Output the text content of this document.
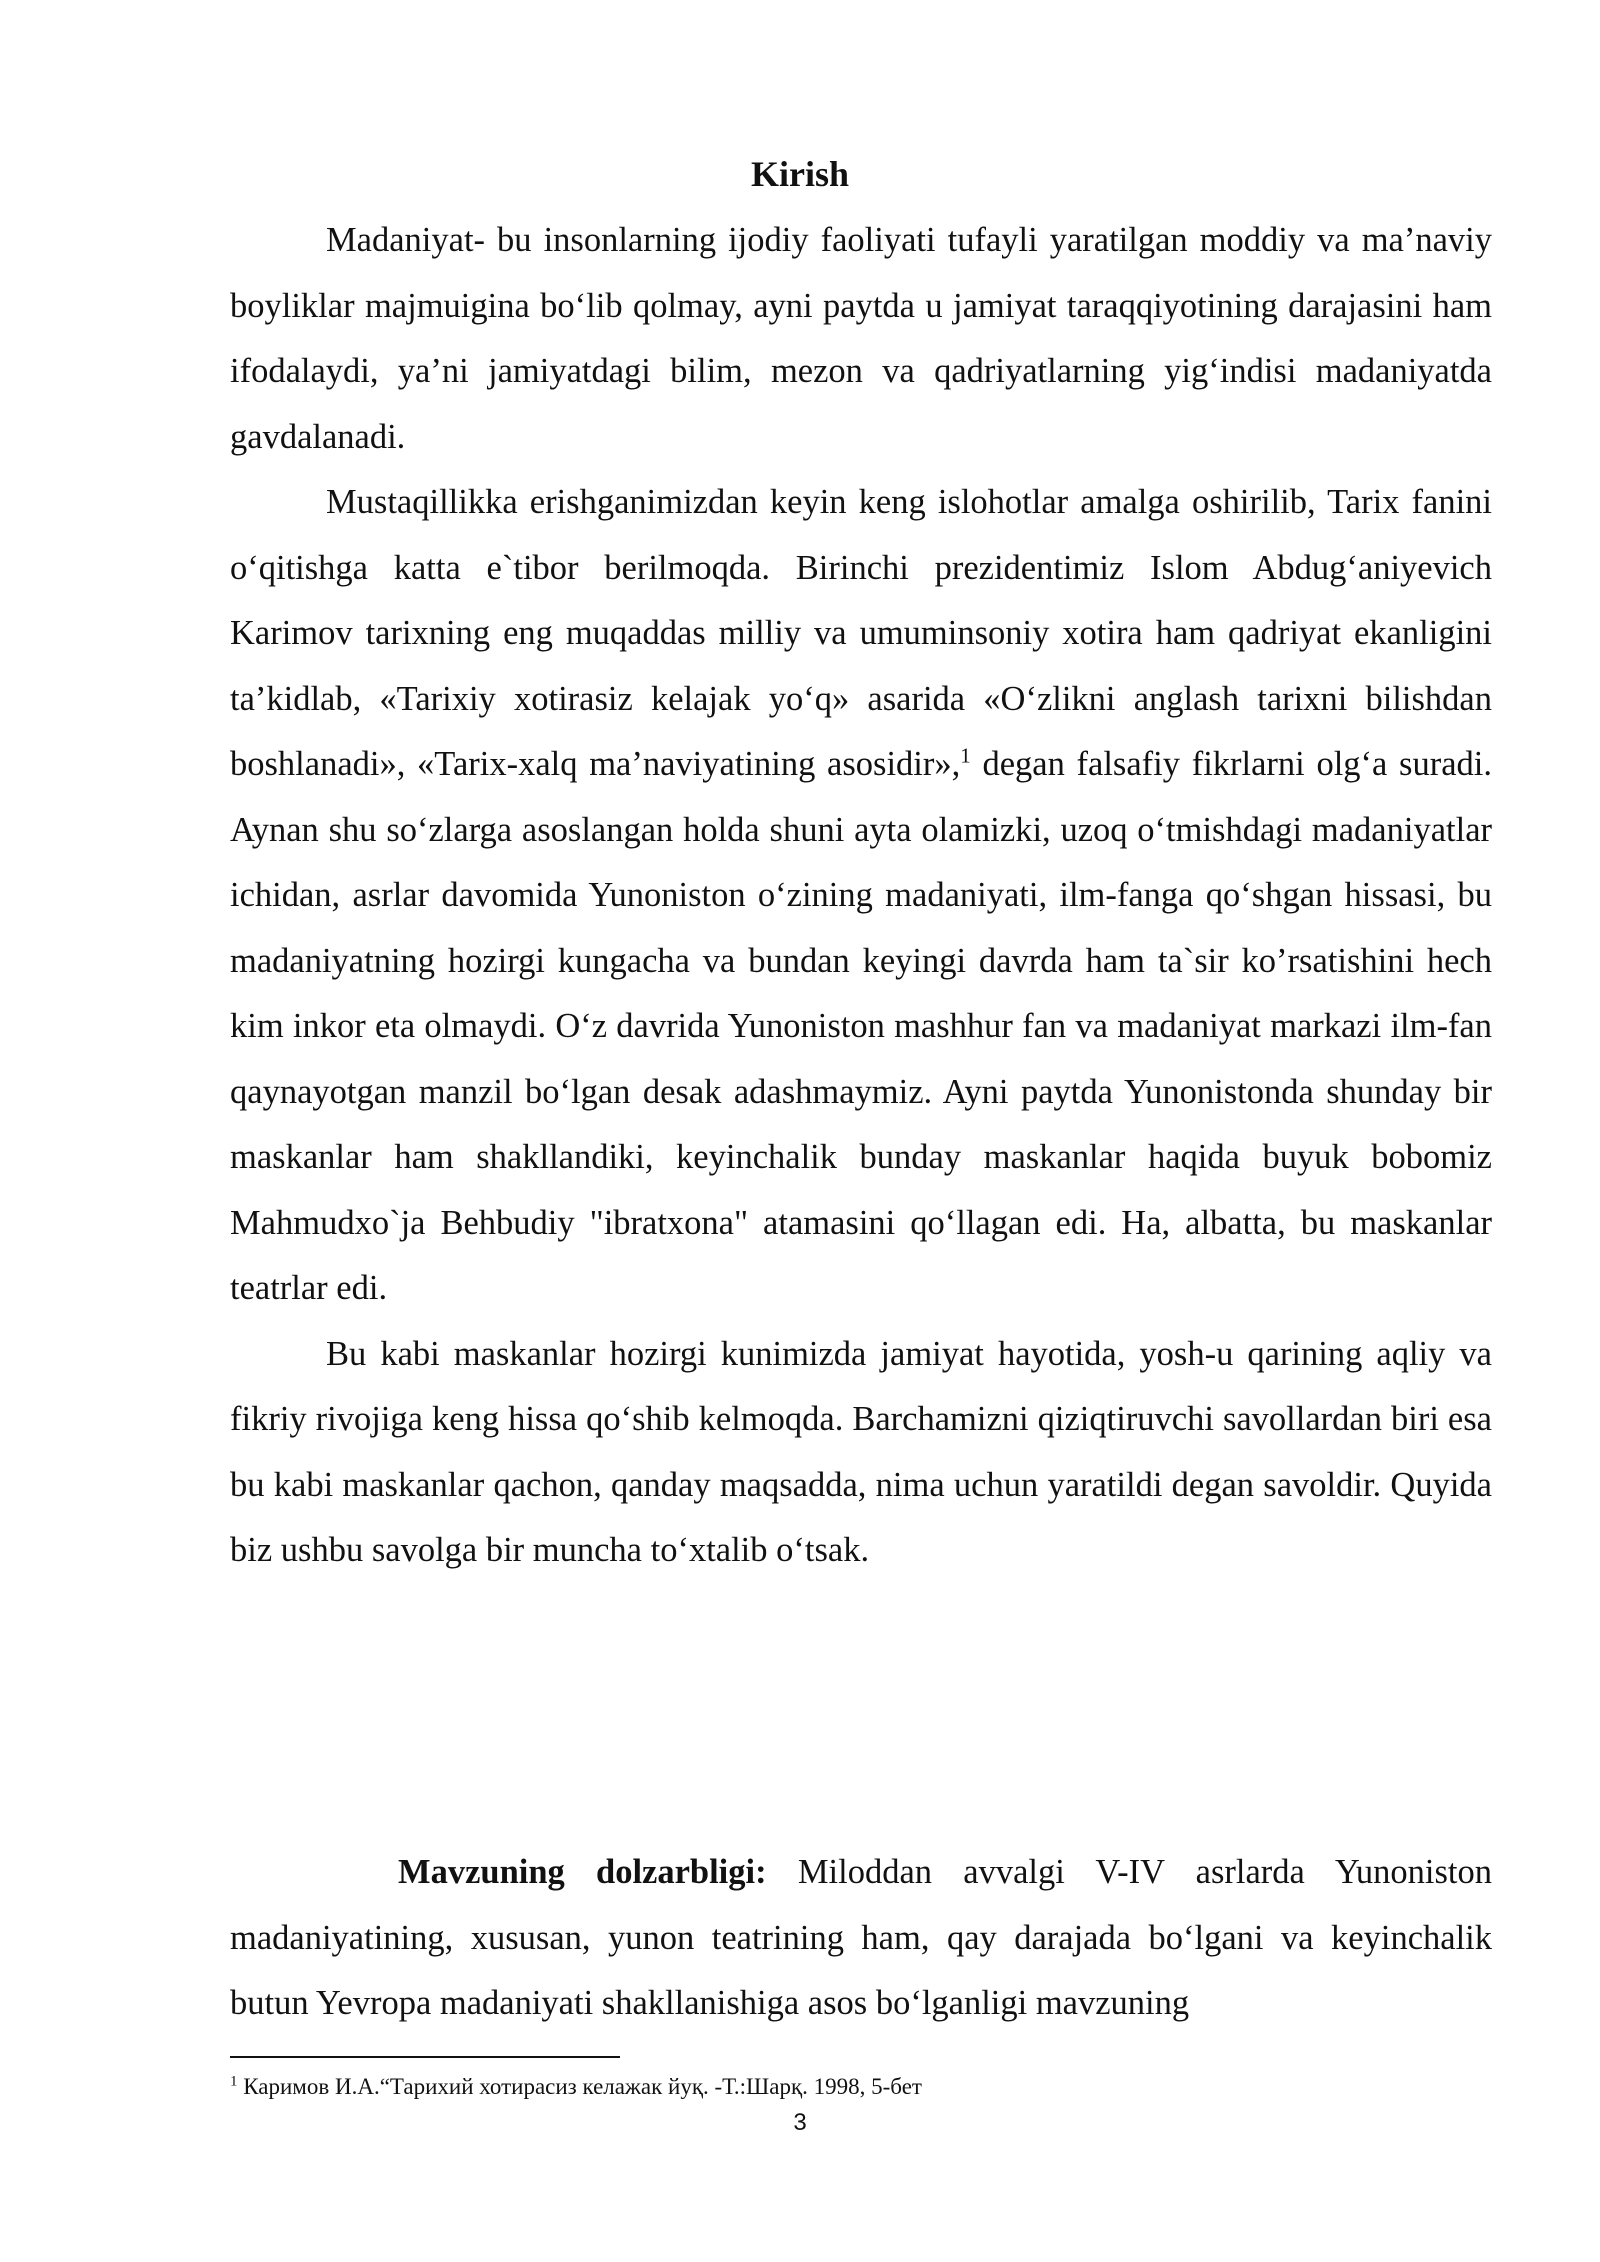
Kirish

Madaniyat- bu insonlarning ijodiy faoliyati tufayli yaratilgan moddiy va ma’naviy boyliklar majmuigina bo‘lib qolmay, ayni paytda u jamiyat taraqqiyotining darajasini ham ifodalaydi, ya’ni jamiyatdagi bilim, mezon va qadriyatlarning yig‘indisi madaniyatda gavdalanadi.

Mustaqillikka erishganimizdan keyin keng islohotlar amalga oshirilib, Tarix fanini o‘qitishga katta e`tibor berilmoqda. Birinchi prezidentimiz Islom Abdug‘aniyevich Karimov tarixning eng muqaddas milliy va umuminsoniy xotira ham qadriyat ekanligini ta’kidlab, «Tarixiy xotirasiz kelajak yo‘q» asarida «O‘zlikni anglash tarixni bilishdan boshlanadi», «Tarix-xalq ma’naviyatining asosidir»,$^1$ degan falsafiy fikrlarni olg‘a suradi. Aynan shu so‘zlarga asoslangan holda shuni ayta olamizki, uzoq o‘tmishdagi madaniyatlar ichidan, asrlar davomida Yunoniston o‘zining madaniyati, ilm-fanga qo‘shgan hissasi, bu madaniyatning hozirgi kungacha va bundan keyingi davrda ham ta`sir ko’rsatishini hech kim inkor eta olmaydi. O‘z davrida Yunoniston mashhur fan va madaniyat markazi ilm-fan qaynayotgan manzil bo‘lgan desak adashmaymiz. Ayni paytda Yunonistonda shunday bir maskanlar ham shakllandiki, keyinchalik bunday maskanlar haqida buyuk bobomiz Mahmudxo`ja Behbudiy "ibratxona" atamasini qo‘llagan edi. Ha, albatta, bu maskanlar teatrlar edi.

Bu kabi maskanlar hozirgi kunimizda jamiyat hayotida, yosh-u qarining aqliy va fikriy rivojiga keng hissa qo‘shib kelmoqda. Barchamizni qiziqtiruvchi savollardan biri esa bu kabi maskanlar qachon, qanday maqsadda, nima uchun yaratildi degan savoldir. Quyida biz ushbu savolga bir muncha to‘xtalib o‘tsak.

Mavzuning dolzarbligi: Miloddan avvalgi V-IV asrlarda Yunoniston madaniyatining, xususan, yunon teatrining ham, qay darajada bo‘lgani va keyinchalik butun Yevropa madaniyati shakllanishiga asos bo‘lganligi mavzuning

$^1$ Каримов И.А.“Тарихий хотирасиз келажак йуқ. -Т.:Шарқ. 1998, 5-бет

3
